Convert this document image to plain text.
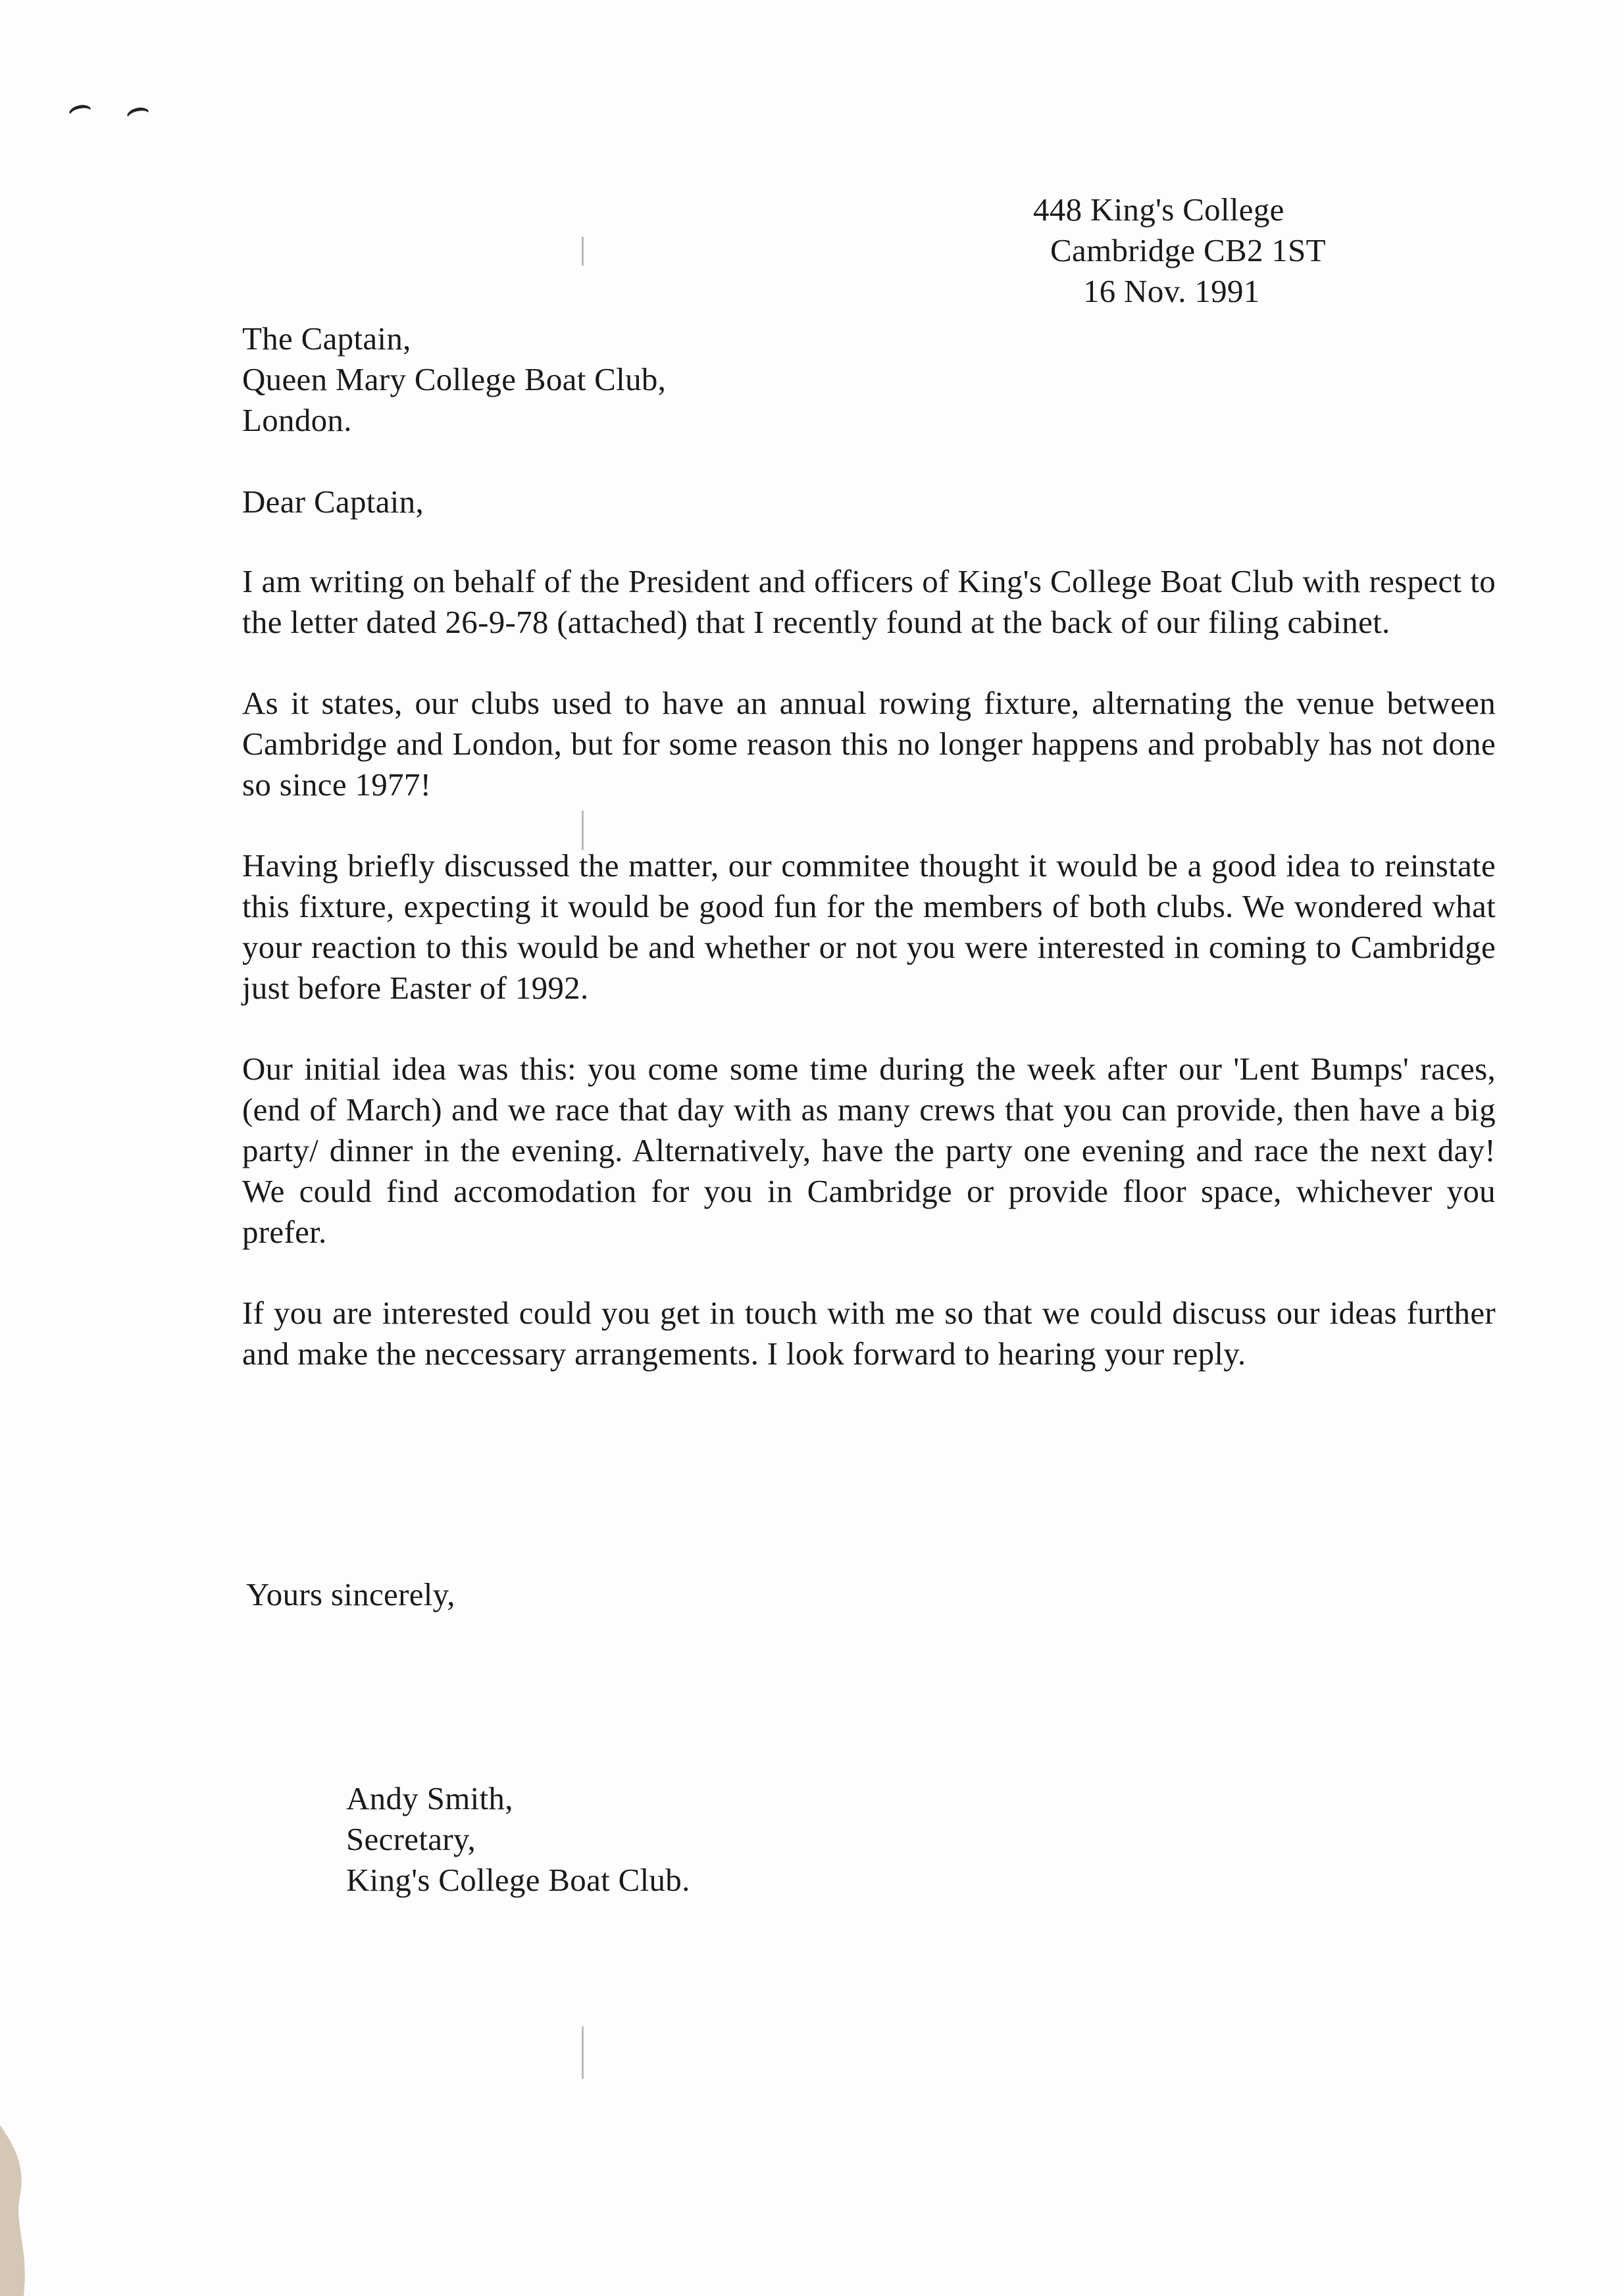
⌢ ⌢
448 King's College
Cambridge CB2 1ST
16 Nov. 1991
The Captain,
Queen Mary College Boat Club,
London.
Dear Captain,

I am writing on behalf of the President and officers of King's College Boat Club with respect to the letter dated 26-9-78 (attached) that I recently found at the back of our filing cabinet.

As it states, our clubs used to have an annual rowing fixture, alternating the venue between Cambridge and London, but for some reason this no longer happens and probably has not done so since 1977!

Having briefly discussed the matter, our commitee thought it would be a good idea to reinstate this fixture, expecting it would be good fun for the members of both clubs. We wondered what your reaction to this would be and whether or not you were interested in coming to Cambridge just before Easter of 1992.

Our initial idea was this: you come some time during the week after our 'Lent Bumps' races, (end of March) and we race that day with as many crews that you can provide, then have a big party/ dinner in the evening. Alternatively, have the party one evening and race the next day! We could find accomodation for you in Cambridge or provide floor space, whichever you prefer.

If you are interested could you get in touch with me so that we could discuss our ideas further and make the neccessary arrangements. I look forward to hearing your reply.

Yours sincerely,
Andy Smith,
Secretary,
King's College Boat Club.
